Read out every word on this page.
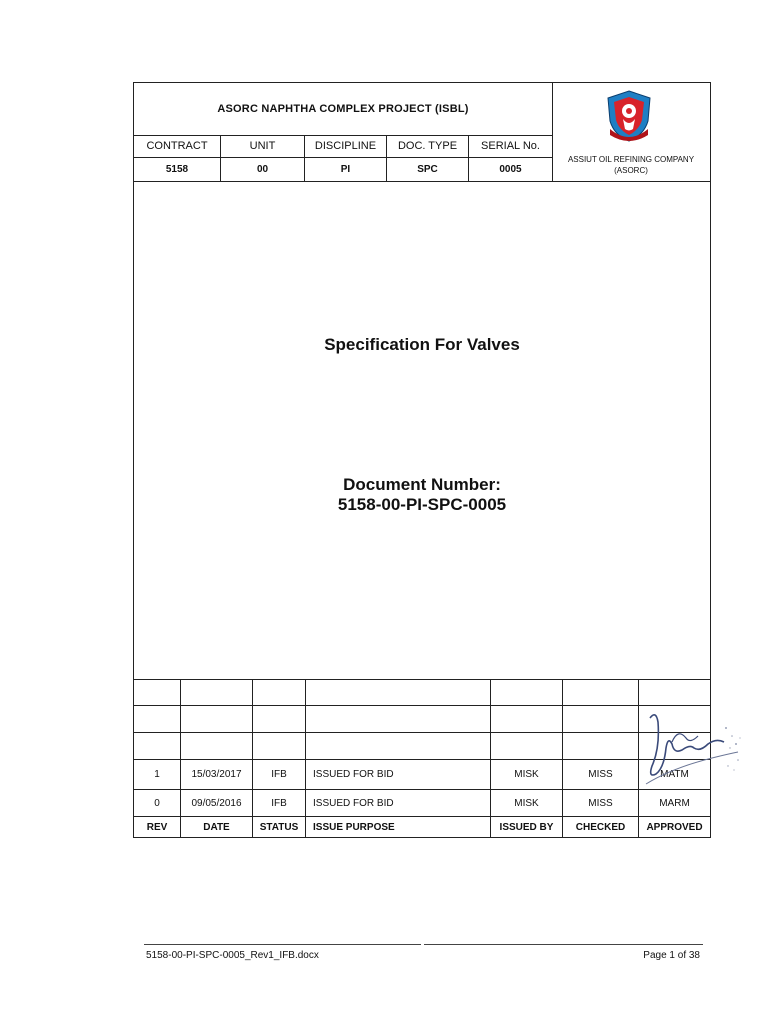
ASORC NAPHTHA COMPLEX PROJECT (ISBL)
CONTRACT	UNIT	DISCIPLINE	DOC. TYPE	SERIAL No.
5158	00	PI	SPC	0005
ASSIUT OIL REFINING COMPANY
(ASORC)
Specification For Valves
Document Number:
5158-00-PI-SPC-0005
1	15/03/2017	IFB	ISSUED FOR BID	MISK	MISS	MATM
0	09/05/2016	IFB	ISSUED FOR BID	MISK	MISS	MARM
REV	DATE	STATUS	ISSUE PURPOSE	ISSUED BY	CHECKED	APPROVED
5158-00-PI-SPC-0005_Rev1_IFB.docx	Page 1 of 38
